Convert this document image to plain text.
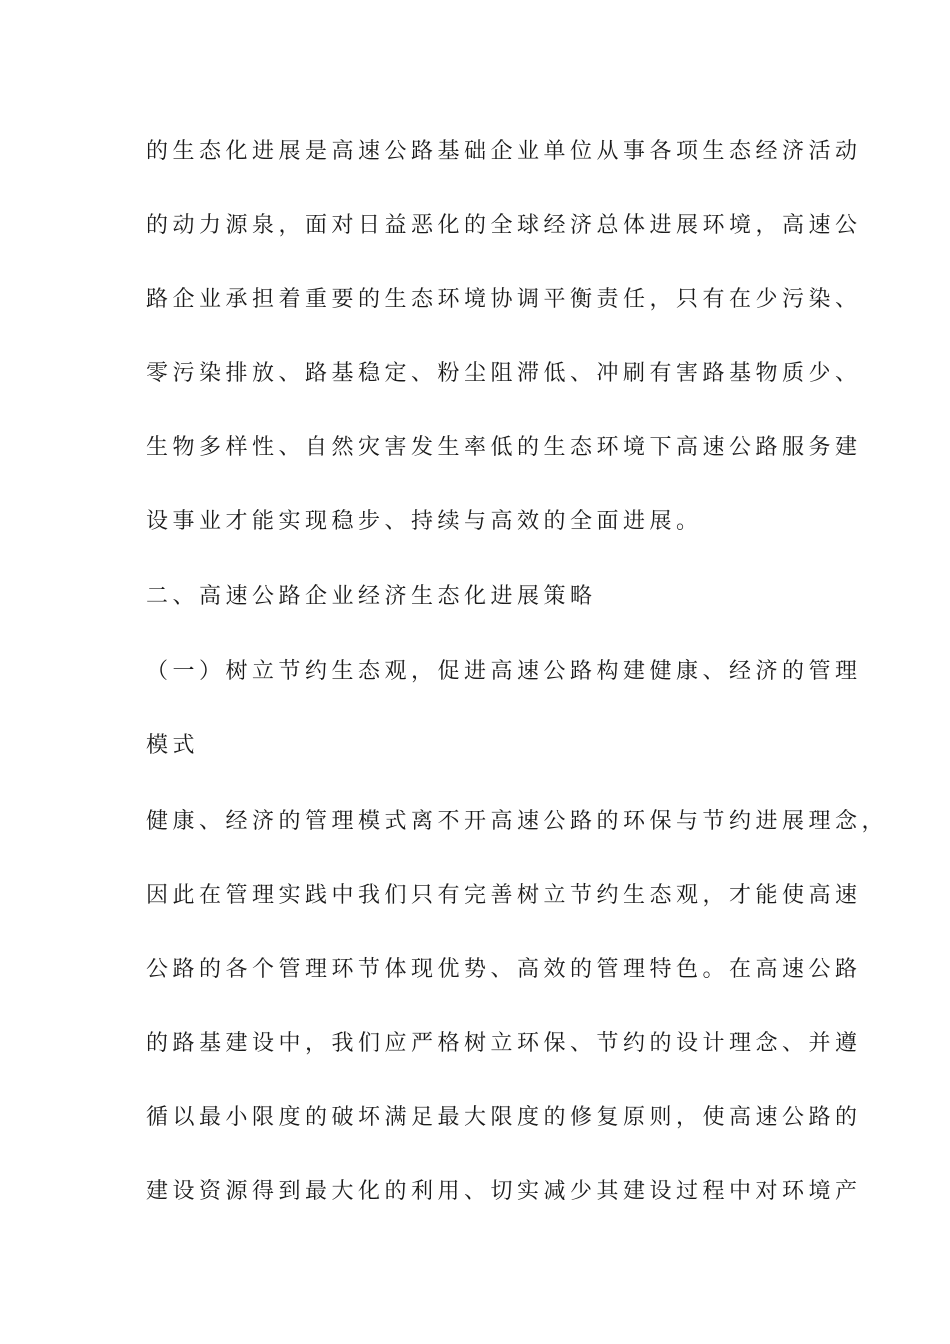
的生态化进展是高速公路基础企业单位从事各项生态经济活动
的动力源泉，面对日益恶化的全球经济总体进展环境，高速公
路企业承担着重要的生态环境协调平衡责任，只有在少污染、
零污染排放、路基稳定、粉尘阻滞低、冲刷有害路基物质少、
生物多样性、自然灾害发生率低的生态环境下高速公路服务建
设事业才能实现稳步、持续与高效的全面进展。
二、高速公路企业经济生态化进展策略
（一）树立节约生态观，促进高速公路构建健康、经济的管理
模式
健康、经济的管理模式离不开高速公路的环保与节约进展理念，
因此在管理实践中我们只有完善树立节约生态观，才能使高速
公路的各个管理环节体现优势、高效的管理特色。在高速公路
的路基建设中，我们应严格树立环保、节约的设计理念、并遵
循以最小限度的破坏满足最大限度的修复原则，使高速公路的
建设资源得到最大化的利用、切实减少其建设过程中对环境产
